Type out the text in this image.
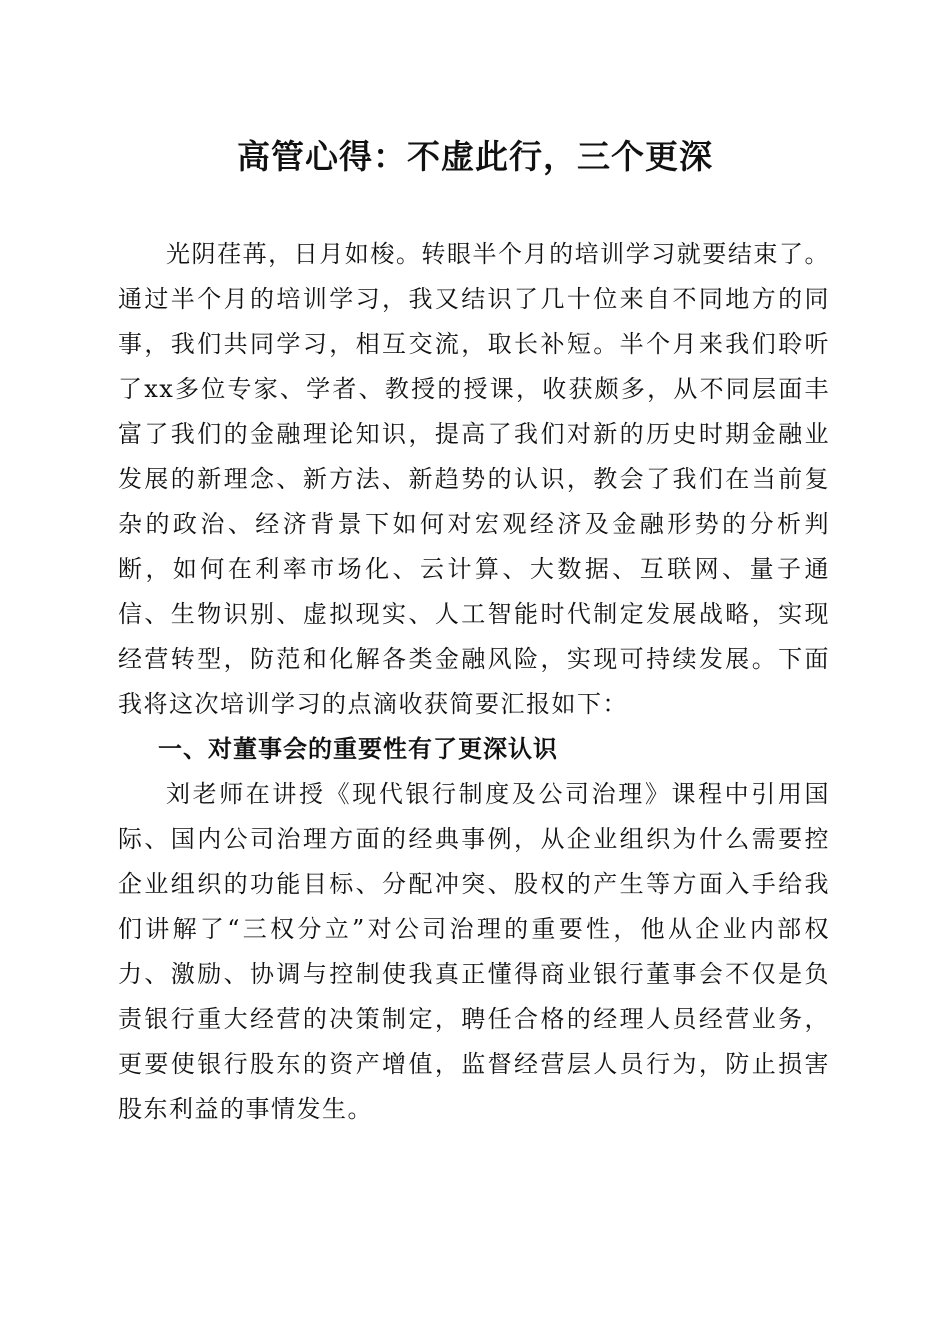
高管心得：不虚此行，三个更深

光阴荏苒，日月如梭。转眼半个月的培训学习就要结束了。通过半个月的培训学习，我又结识了几十位来自不同地方的同事，我们共同学习，相互交流，取长补短。半个月来我们聆听了xx多位专家、学者、教授的授课，收获颇多，从不同层面丰富了我们的金融理论知识，提高了我们对新的历史时期金融业发展的新理念、新方法、新趋势的认识，教会了我们在当前复杂的政治、经济背景下如何对宏观经济及金融形势的分析判断，如何在利率市场化、云计算、大数据、互联网、量子通信、生物识别、虚拟现实、人工智能时代制定发展战略，实现经营转型，防范和化解各类金融风险，实现可持续发展。下面我将这次培训学习的点滴收获简要汇报如下：

一、对董事会的重要性有了更深认识

刘老师在讲授《现代银行制度及公司治理》课程中引用国际、国内公司治理方面的经典事例，从企业组织为什么需要控企业组织的功能目标、分配冲突、股权的产生等方面入手给我们讲解了“三权分立”对公司治理的重要性，他从企业内部权力、激励、协调与控制使我真正懂得商业银行董事会不仅是负责银行重大经营的决策制定，聘任合格的经理人员经营业务，更要使银行股东的资产增值，监督经营层人员行为，防止损害股东利益的事情发生。
